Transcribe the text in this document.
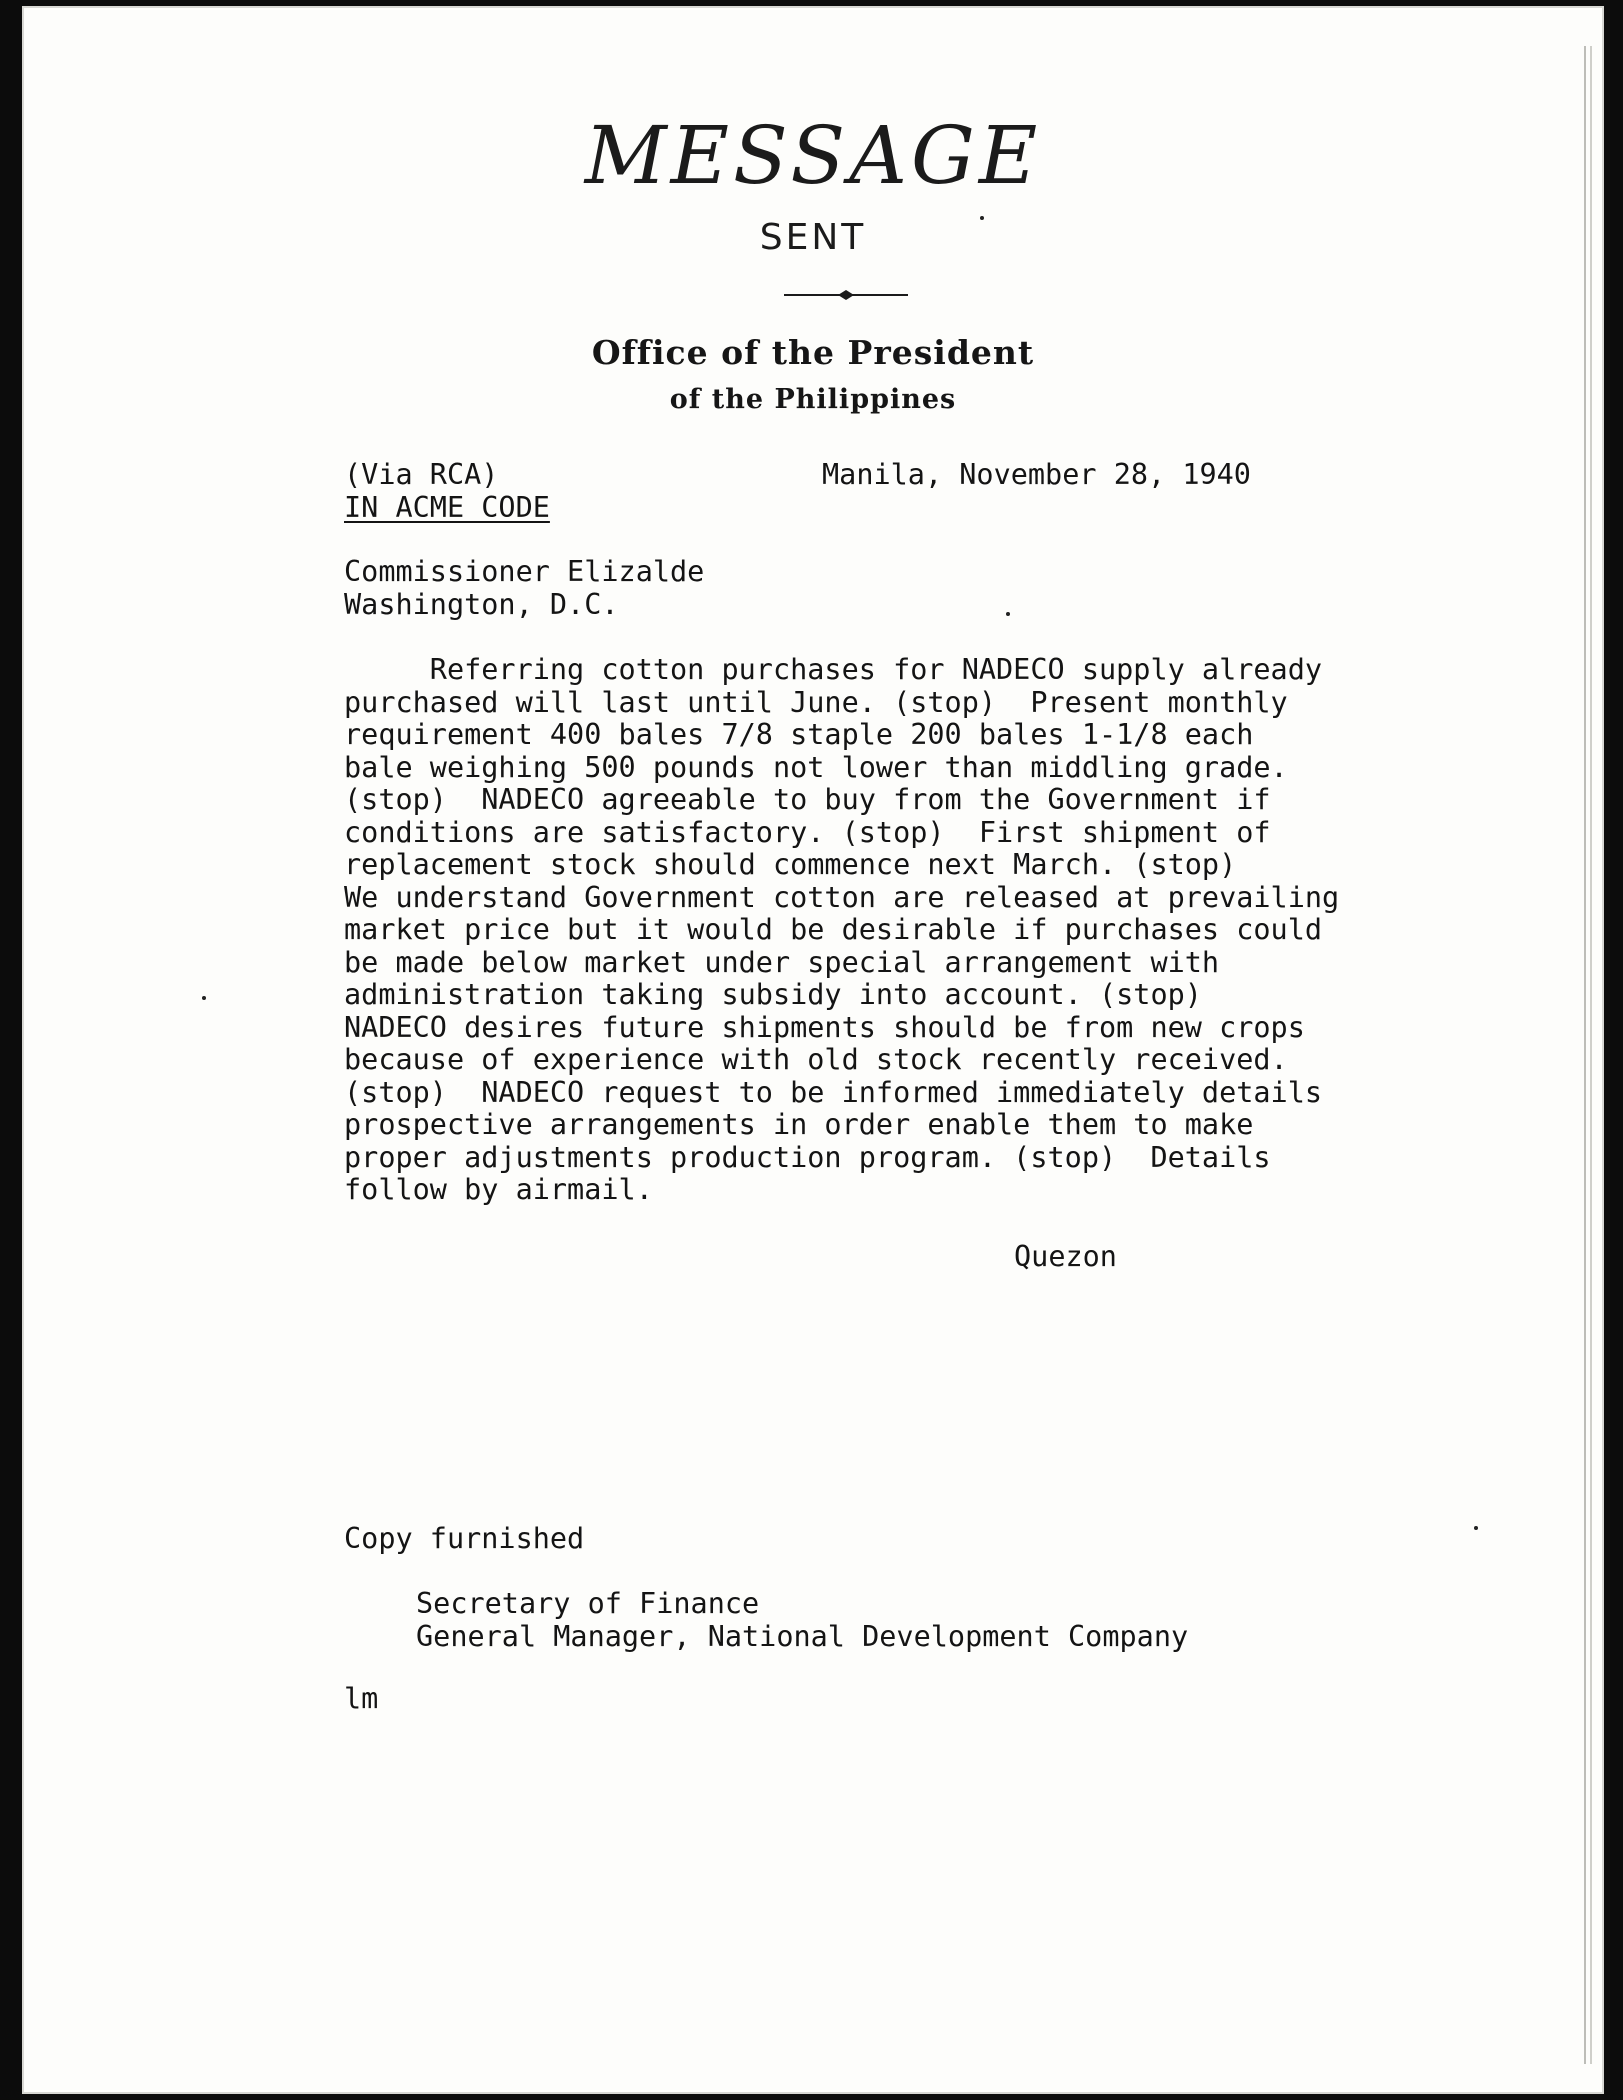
MESSAGE
SENT
Office of the President
of the Philippines
(Via RCA)
IN ACME CODE
Manila, November 28, 1940
Commissioner Elizalde
Washington, D.C.
Referring cotton purchases for NADECO supply already
purchased will last until June. (stop)  Present monthly
requirement 400 bales 7/8 staple 200 bales 1-1/8 each
bale weighing 500 pounds not lower than middling grade.
(stop)  NADECO agreeable to buy from the Government if
conditions are satisfactory. (stop)  First shipment of
replacement stock should commence next March. (stop)
We understand Government cotton are released at prevailing
market price but it would be desirable if purchases could
be made below market under special arrangement with
administration taking subsidy into account. (stop)
NADECO desires future shipments should be from new crops
because of experience with old stock recently received.
(stop)  NADECO request to be informed immediately details
prospective arrangements in order enable them to make
proper adjustments production program. (stop)  Details
follow by airmail.
Quezon
Copy furnished
Secretary of Finance
General Manager, National Development Company
lm
